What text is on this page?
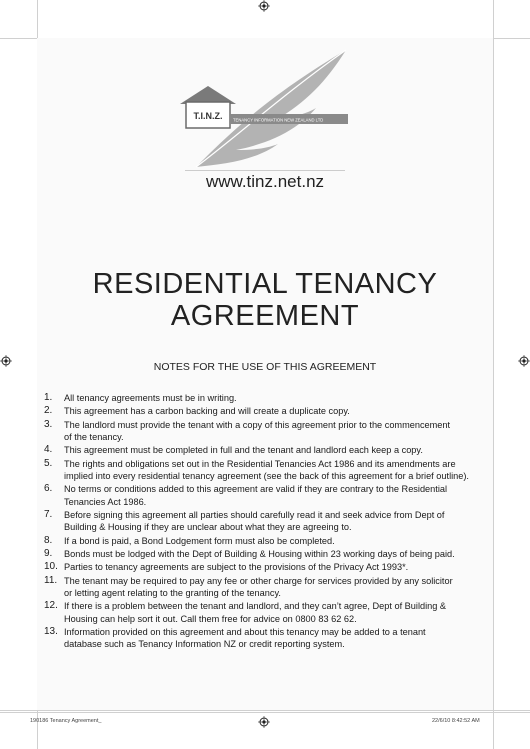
T.I.N.Z.	TENANCY INFORMATION NEW ZEALAND LTD
www.tinz.net.nz
RESIDENTIAL TENANCY
AGREEMENT
NOTES FOR THE USE OF THIS AGREEMENT
1.	All tenancy agreements must be in writing.
2.	This agreement has a carbon backing and will create a duplicate copy.
3.	The landlord must provide the tenant with a copy of this agreement prior to the commencement
of the tenancy.
4.	This agreement must be completed in full and the tenant and landlord each keep a copy.
5.	The rights and obligations set out in the Residential Tenancies Act 1986 and its amendments are
implied into every residential tenancy agreement (see the back of this agreement for a brief outline).
6.	No terms or conditions added to this agreement are valid if they are contrary to the Residential
Tenancies Act 1986.
7.	Before signing this agreement all parties should carefully read it and seek advice from Dept of
Building & Housing if they are unclear about what they are agreeing to.
8.	If a bond is paid, a Bond Lodgement form must also be completed.
9.	Bonds must be lodged with the Dept of Building & Housing within 23 working days of being paid.
10. Parties to tenancy agreements are subject to the provisions of the Privacy Act 1993*.
11. The tenant may be required to pay any fee or other charge for services provided by any solicitor
or letting agent relating to the granting of the tenancy.
12. If there is a problem between the tenant and landlord, and they can’t agree, Dept of Building &
Housing can help sort it out. Call them free for advice on 0800 83 62 62.
13. Information provided on this agreement and about this tenancy may be added to a tenant
database such as Tenancy Information NZ or credit reporting system.
190186 Tenancy Agreement_	22/6/10 8:42:52 AM
